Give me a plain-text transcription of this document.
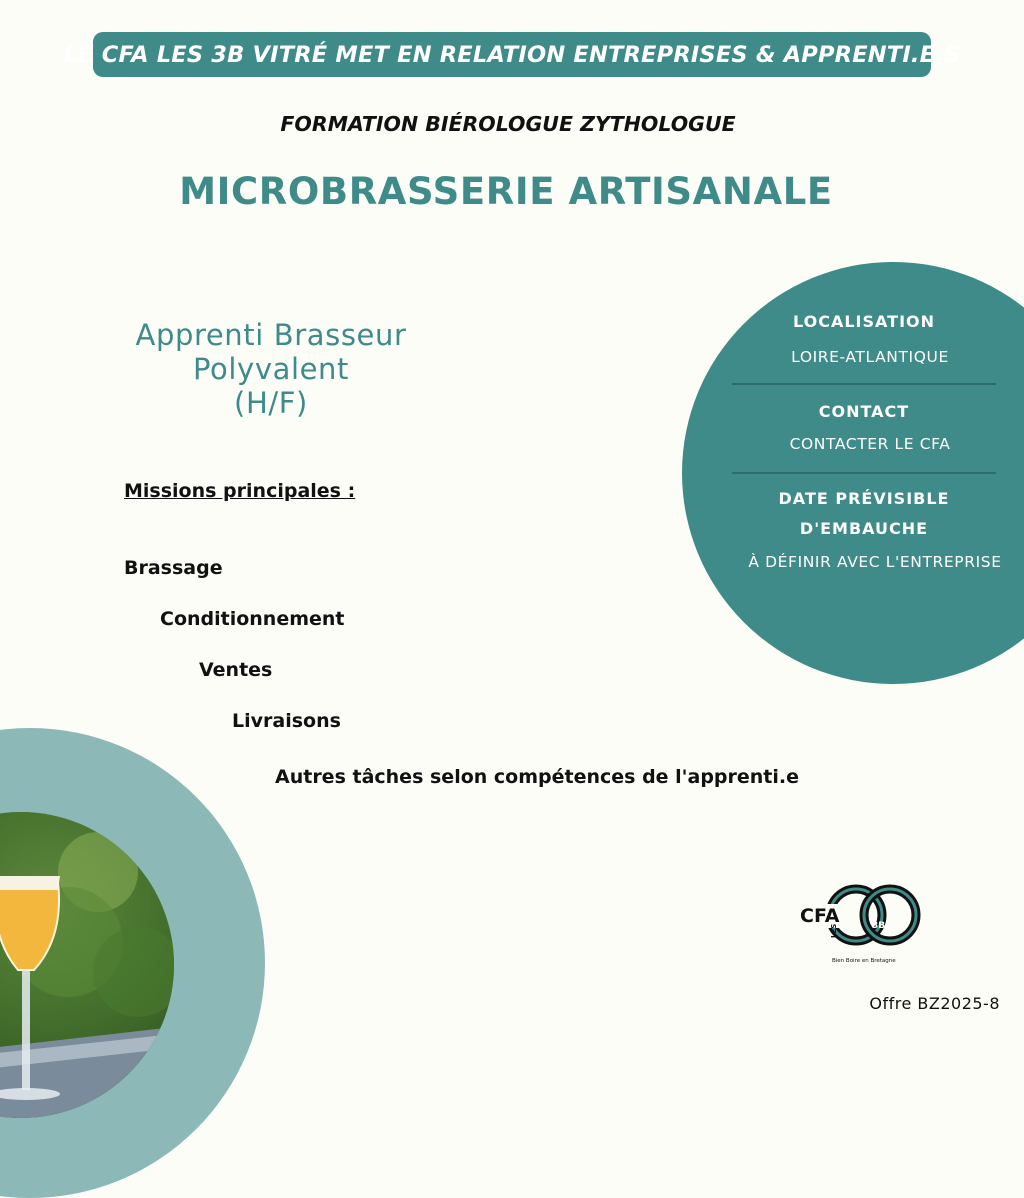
LE CFA LES 3B VITRÉ MET EN RELATION ENTREPRISES & APPRENTI.E.S
FORMATION BIÉROLOGUE ZYTHOLOGUE
MICROBRASSERIE ARTISANALE
Apprenti Brasseur
Polyvalent
(H/F)
Missions principales :
Brassage
Conditionnement
Ventes
Livraisons
Autres tâches selon compétences de l'apprenti.e
LOCALISATION
LOIRE-ATLANTIQUE
CONTACT
CONTACTER LE CFA
DATE PRÉVISIBLE
D'EMBAUCHE
À DÉFINIR AVEC L'ENTREPRISE
CFA
LES	3B
Bien Boire en Bretagne
Offre BZ2025-8
